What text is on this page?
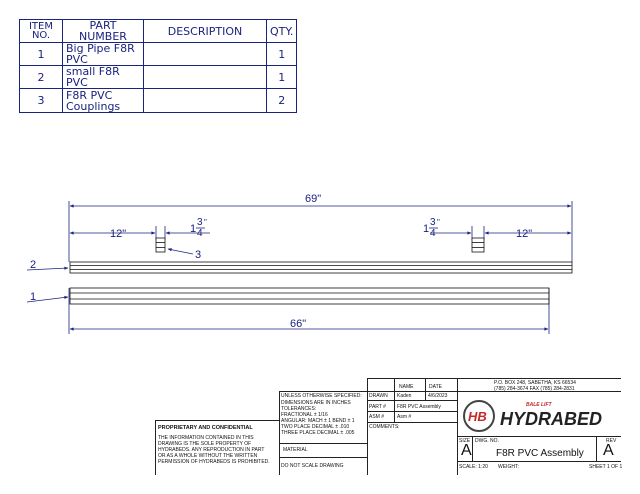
ITEM NO.	PART NUMBER	DESCRIPTION	QTY.
1	Big Pipe F8R PVC		1
2	small F8R PVC		1
3	F8R PVC Couplings		2
69"
12"	12"
66"
1
3
4
"
1
3
4
"
1
2
3
UNLESS OTHERWISE SPECIFIED:
DIMENSIONS ARE IN INCHES
TOLERANCES:
FRACTIONAL ± 1/16
ANGULAR: MACH ± 1 BEND ± 1
TWO PLACE DECIMAL ± .010
THREE PLACE DECIMAL ± .005
MATERIAL
DO NOT SCALE DRAWING
PROPRIETARY AND CONFIDENTIAL
THE INFORMATION CONTAINED IN THIS
DRAWING IS THE SOLE PROPERTY OF
HYDRABEDS. ANY REPRODUCTION IN PART
OR AS A WHOLE WITHOUT THE WRITTEN
PERMISSION OF HYDRABEDS IS PROHIBITED.
NAME	DATE
DRAWN Kaden	4/6/2023
PART # F8R PVC Assembly
ASM #	Asm #
COMMENTS:
P.O. BOX 248, SABETHA, KS 66534
(785) 284-3674 FAX (785) 284-2831
HB
BALE LIFT
HYDRABED
SIZE
A
DWG. NO.
F8R PVC Assembly
REV
A
SCALE: 1:20 WEIGHT:	SHEET 1 OF 1
